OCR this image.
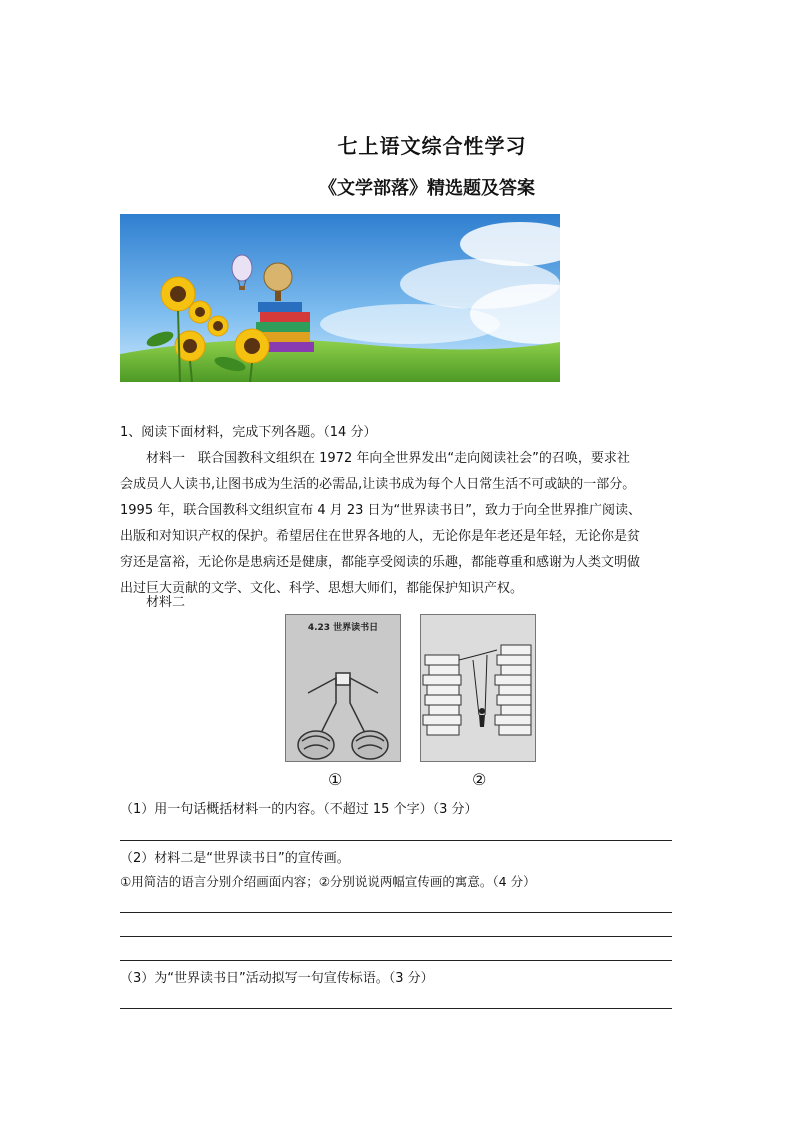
七上语文综合性学习
《文学部落》精选题及答案
1、阅读下面材料，完成下列各题。（14 分）
材料一　联合国教科文组织在 1972 年向全世界发出“走向阅读社会”的召唤，要求社
会成员人人读书,让图书成为生活的必需品,让读书成为每个人日常生活不可或缺的一部分。
1995 年，联合国教科文组织宣布 4 月 23 日为“世界读书日”，致力于向全世界推广阅读、
出版和对知识产权的保护。希望居住在世界各地的人，无论你是年老还是年轻，无论你是贫
穷还是富裕，无论你是患病还是健康，都能享受阅读的乐趣，都能尊重和感谢为人类文明做
出过巨大贡献的文学、文化、科学、思想大师们，都能保护知识产权。
材料二
4.23 世界读书日
①	②
（1）用一句话概括材料一的内容。（不超过 15 个字）（3 分）
（2）材料二是“世界读书日”的宣传画。
①用简洁的语言分别介绍画面内容；②分别说说两幅宣传画的寓意。（4 分）
（3）为“世界读书日”活动拟写一句宣传标语。（3 分）
